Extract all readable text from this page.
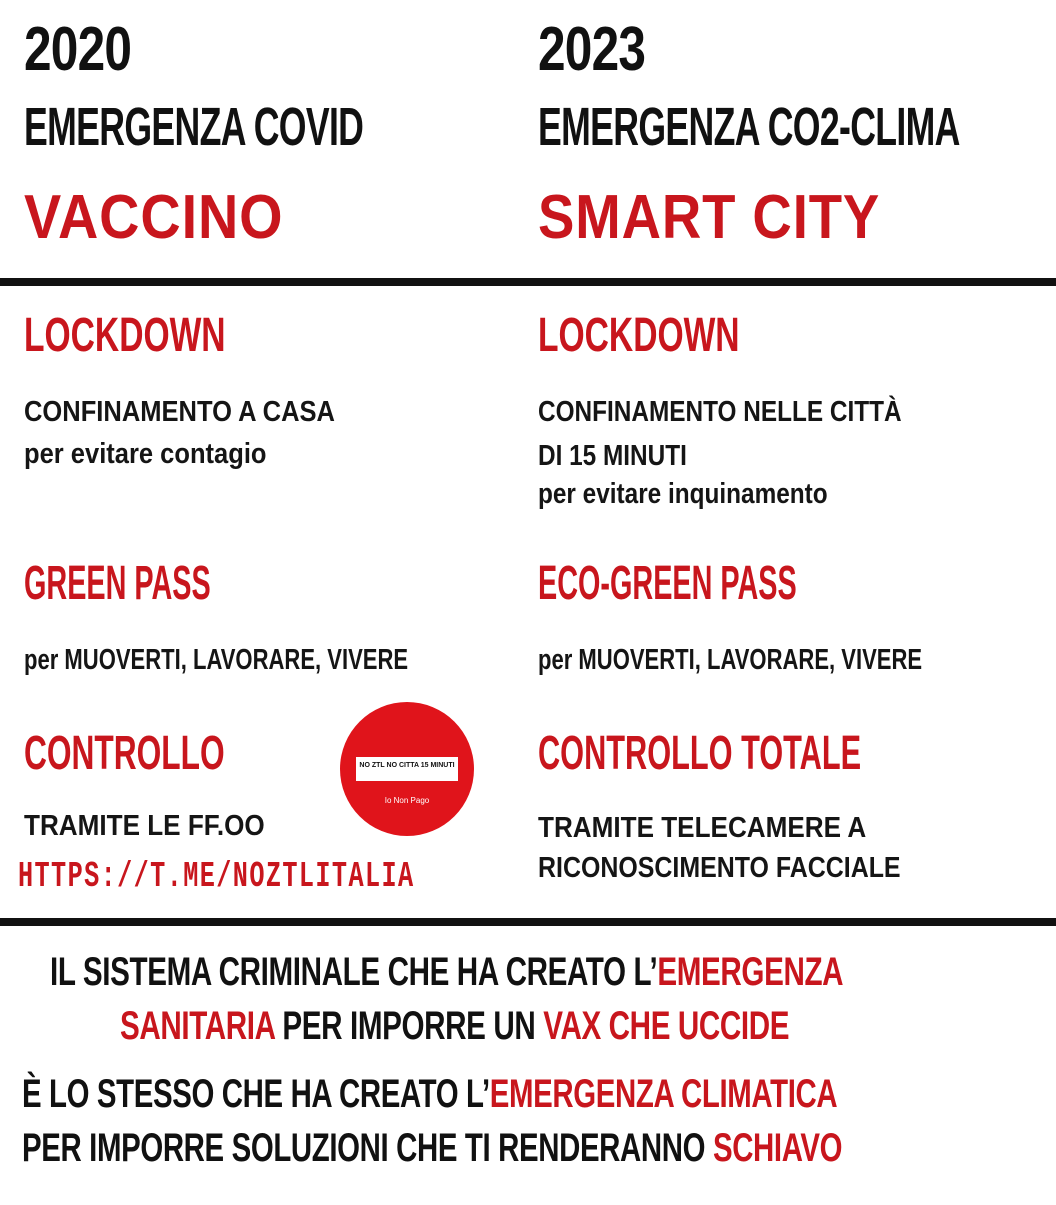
2020
EMERGENZA COVID
VACCINO
2023
EMERGENZA CO2-CLIMA
SMART CITY
LOCKDOWN
CONFINAMENTO A CASA
per evitare contagio
LOCKDOWN
CONFINAMENTO NELLE CITTÀ
DI 15 MINUTI
per evitare inquinamento
GREEN PASS
per MUOVERTI, LAVORARE, VIVERE
ECO-GREEN PASS
per MUOVERTI, LAVORARE, VIVERE
CONTROLLO
TRAMITE LE FF.OO
CONTROLLO TOTALE
TRAMITE TELECAMERE A
RICONOSCIMENTO FACCIALE
NO ZTL NO CITTA 15 MINUTI
Io Non Pago
HTTPS://T.ME/NOZTLITALIA
IL SISTEMA CRIMINALE CHE HA CREATO L’EMERGENZA
SANITARIA PER IMPORRE UN VAX CHE UCCIDE
È LO STESSO CHE HA CREATO L’EMERGENZA CLIMATICA
PER IMPORRE SOLUZIONI CHE TI RENDERANNO SCHIAVO
